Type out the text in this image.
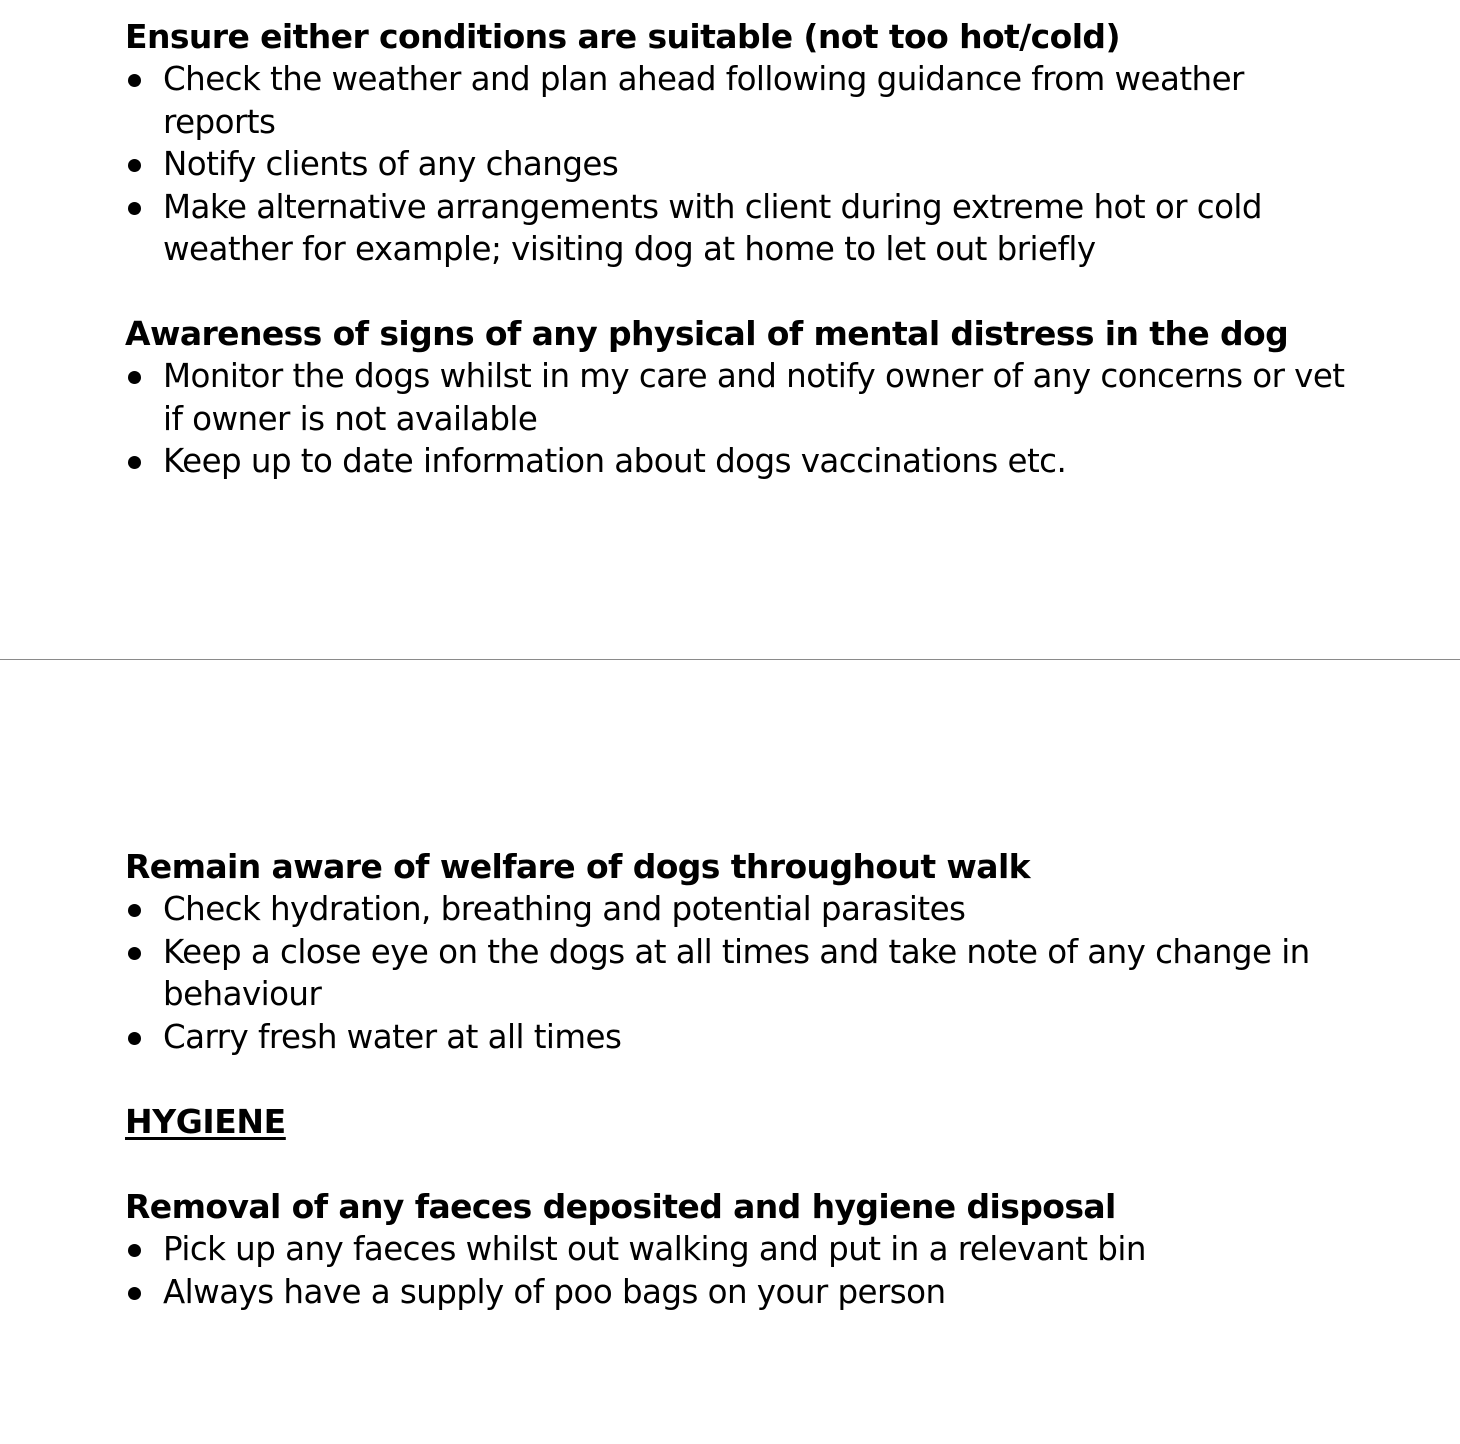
Ensure either conditions are suitable (not too hot/cold)
Check the weather and plan ahead following guidance from weather reports
Notify clients of any changes
Make alternative arrangements with client during extreme hot or cold weather for example; visiting dog at home to let out briefly
Awareness of signs of any physical of mental distress in the dog
Monitor the dogs whilst in my care and notify owner of any concerns or vet if owner is not available
Keep up to date information about dogs vaccinations etc.
Remain aware of welfare of dogs throughout walk
Check hydration, breathing and potential parasites
Keep a close eye on the dogs at all times and take note of any change in behaviour
Carry fresh water at all times
HYGIENE
Removal of any faeces deposited and hygiene disposal
Pick up any faeces whilst out walking and put in a relevant bin
Always have a supply of poo bags on your person
